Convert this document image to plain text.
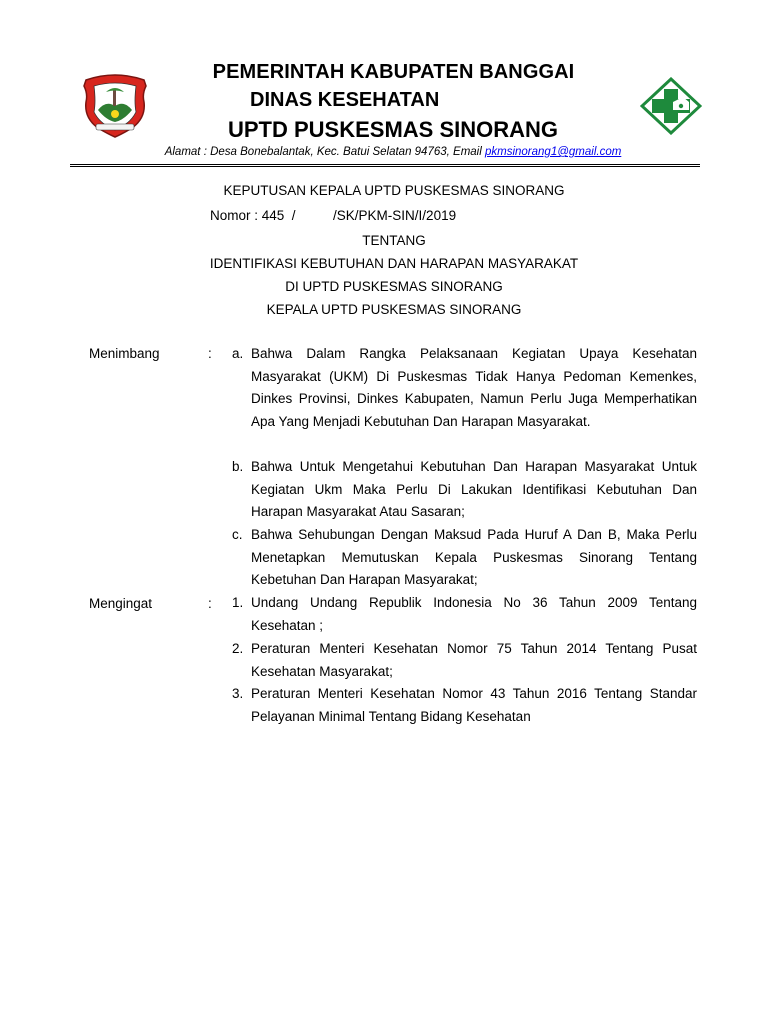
PEMERINTAH KABUPATEN BANGGAI
DINAS KESEHATAN
UPTD PUSKESMAS SINORANG
Alamat : Desa Bonebalantak, Kec. Batui Selatan 94763, Email pkmsinorang1@gmail.com
KEPUTUSAN KEPALA UPTD PUSKESMAS SINORANG
Nomor : 445  /          /SK/PKM-SIN/I/2019
TENTANG
IDENTIFIKASI KEBUTUHAN DAN HARAPAN MASYARAKAT
DI UPTD PUSKESMAS SINORANG
KEPALA UPTD PUSKESMAS SINORANG
Menimbang	: a. Bahwa Dalam Rangka Pelaksanaan Kegiatan Upaya Kesehatan Masyarakat (UKM) Di Puskesmas Tidak Hanya Pedoman Kemenkes, Dinkes Provinsi, Dinkes Kabupaten, Namun Perlu Juga Memperhatikan Apa Yang Menjadi Kebutuhan Dan Harapan Masyarakat.
b. Bahwa Untuk Mengetahui Kebutuhan Dan Harapan Masyarakat Untuk Kegiatan Ukm Maka Perlu Di Lakukan Identifikasi Kebutuhan Dan Harapan Masyarakat Atau Sasaran;
c. Bahwa Sehubungan Dengan Maksud Pada Huruf A Dan B, Maka Perlu Menetapkan Memutuskan Kepala Puskesmas Sinorang Tentang Kebetuhan Dan Harapan Masyarakat;
Mengingat	: 1. Undang Undang Republik Indonesia No 36 Tahun 2009 Tentang Kesehatan ;
2. Peraturan Menteri Kesehatan Nomor 75 Tahun 2014 Tentang Pusat Kesehatan Masyarakat;
3. Peraturan Menteri Kesehatan Nomor 43 Tahun 2016 Tentang Standar Pelayanan Minimal Tentang Bidang Kesehatan
